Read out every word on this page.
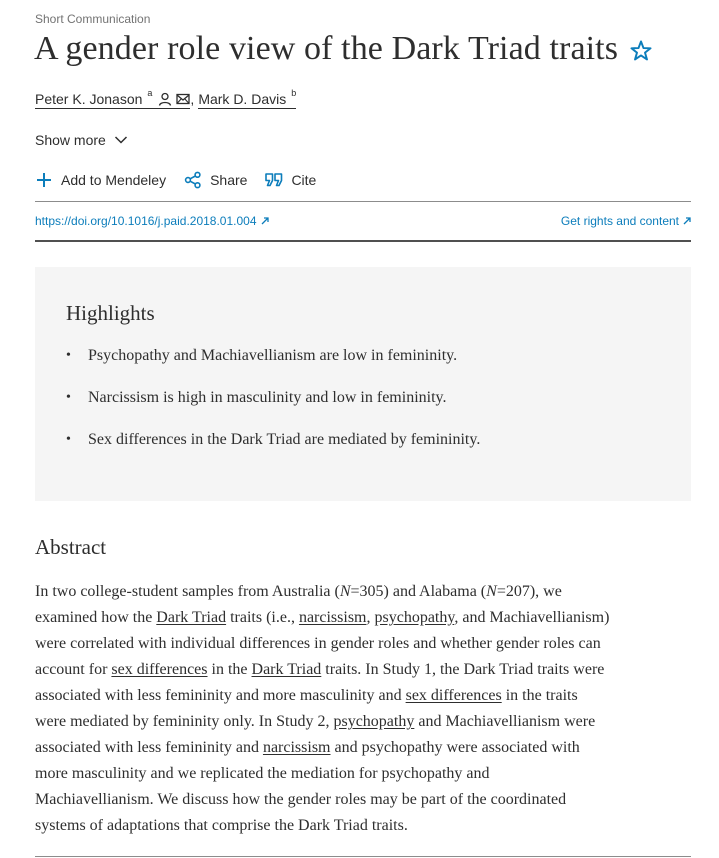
Short Communication
A gender role view of the Dark Triad traits
Peter K. Jonason $^a$	, Mark D. Davis $^b$
Show more
Add to Mendeley	Share	Cite
https://doi.org/10.1016/j.paid.2018.01.004	Get rights and content
Highlights
•	Psychopathy and Machiavellianism are low in femininity.
•	Narcissism is high in masculinity and low in femininity.
•	Sex differences in the Dark Triad are mediated by femininity.
Abstract
In two college-student samples from Australia (N=305) and Alabama (N=207), we
examined how the Dark Triad traits (i.e., narcissism, psychopathy, and Machiavellianism)
were correlated with individual differences in gender roles and whether gender roles can
account for sex differences in the Dark Triad traits. In Study 1, the Dark Triad traits were
associated with less femininity and more masculinity and sex differences in the traits
were mediated by femininity only. In Study 2, psychopathy and Machiavellianism were
associated with less femininity and narcissism and psychopathy were associated with
more masculinity and we replicated the mediation for psychopathy and
Machiavellianism. We discuss how the gender roles may be part of the coordinated
systems of adaptations that comprise the Dark Triad traits.
